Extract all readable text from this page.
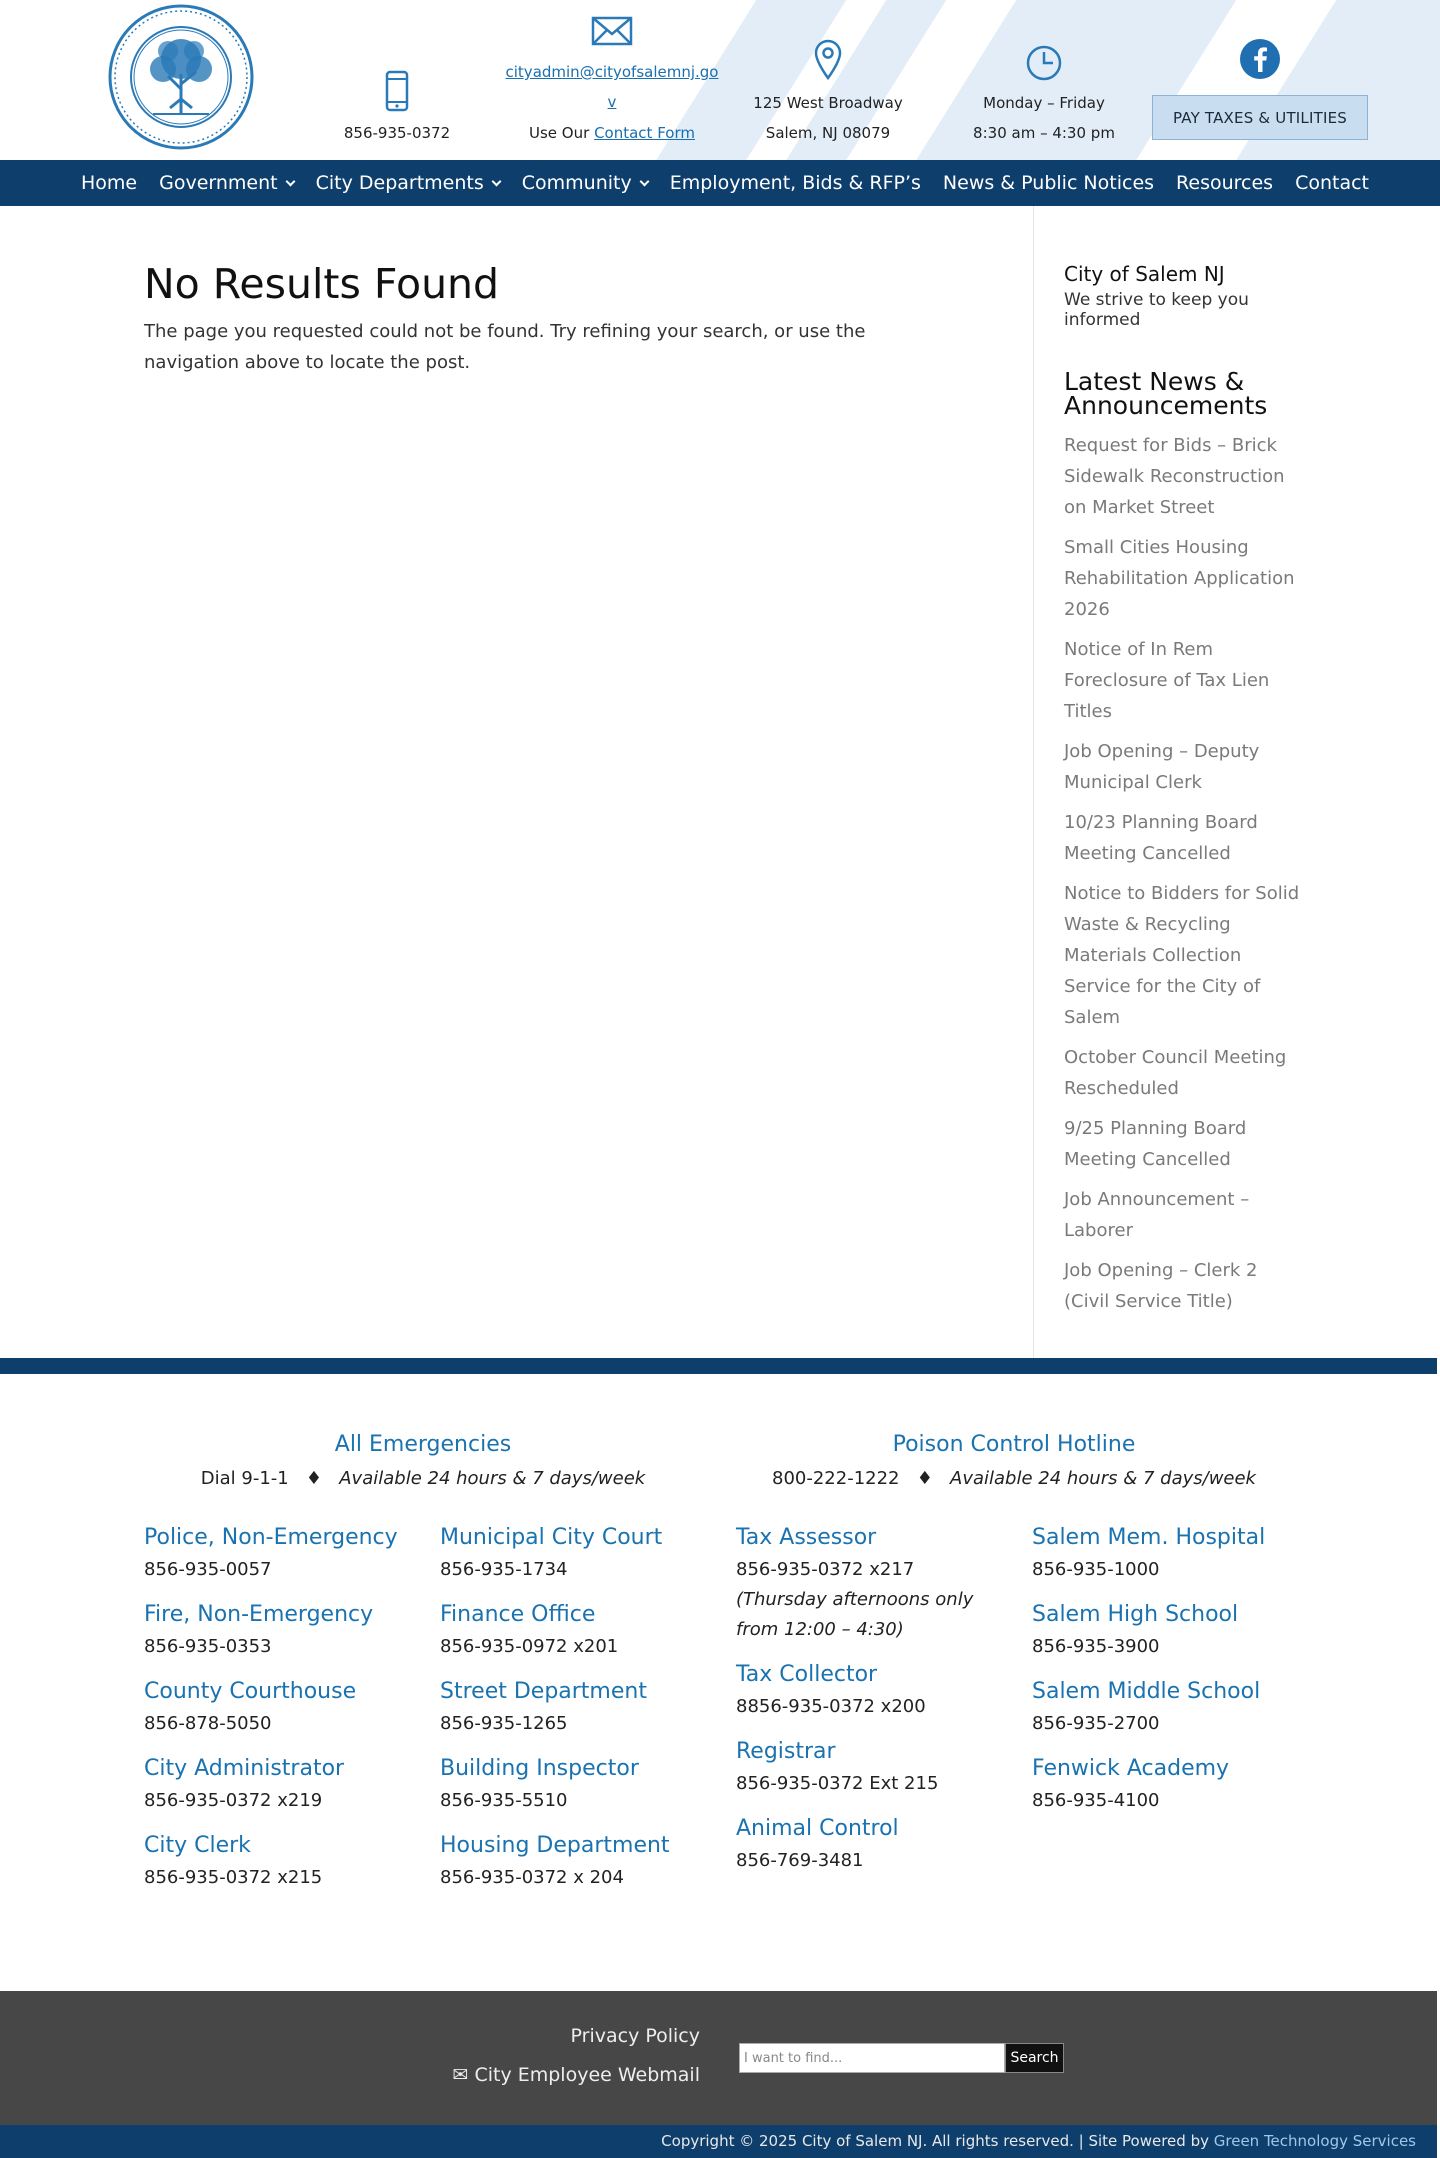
856-935-0372
cityadmin@cityofsalemnj.go
v
Use Our Contact Form
125 West Broadway
Salem, NJ 08079
Monday – Friday
8:30 am – 4:30 pm
PAY TAXES & UTILITIES
Home Government City Departments Community Employment, Bids & RFP’s News & Public Notices Resources Contact
No Results Found
The page you requested could not be found. Try refining your search, or use the navigation above to locate the post.
City of Salem NJ
We strive to keep you informed
Latest News & Announcements
Request for Bids – Brick Sidewalk Reconstruction on Market Street
Small Cities Housing Rehabilitation Application 2026
Notice of In Rem Foreclosure of Tax Lien Titles
Job Opening – Deputy Municipal Clerk
10/23 Planning Board Meeting Cancelled
Notice to Bidders for Solid Waste & Recycling Materials Collection Service for the City of Salem
October Council Meeting Rescheduled
9/25 Planning Board Meeting Cancelled
Job Announcement – Laborer
Job Opening – Clerk 2 (Civil Service Title)
All Emergencies
Dial 9-1-1 ♦ Available 24 hours & 7 days/week
Poison Control Hotline
800-222-1222 ♦ Available 24 hours & 7 days/week
Police, Non-Emergency
856-935-0057
Fire, Non-Emergency
856-935-0353
County Courthouse
856-878-5050
City Administrator
856-935-0372 x219
City Clerk
856-935-0372 x215
Municipal City Court
856-935-1734
Finance Office
856-935-0972 x201
Street Department
856-935-1265
Building Inspector
856-935-5510
Housing Department
856-935-0372 x 204
Tax Assessor
856-935-0372 x217
(Thursday afternoons only from 12:00 – 4:30)
Tax Collector
8856-935-0372 x200
Registrar
856-935-0372 Ext 215
Animal Control
856-769-3481
Salem Mem. Hospital
856-935-1000
Salem High School
856-935-3900
Salem Middle School
856-935-2700
Fenwick Academy
856-935-4100
Privacy Policy
✉ City Employee Webmail
I want to find...	Search
Copyright © 2025 City of Salem NJ. All rights reserved. | Site Powered by Green Technology Services
